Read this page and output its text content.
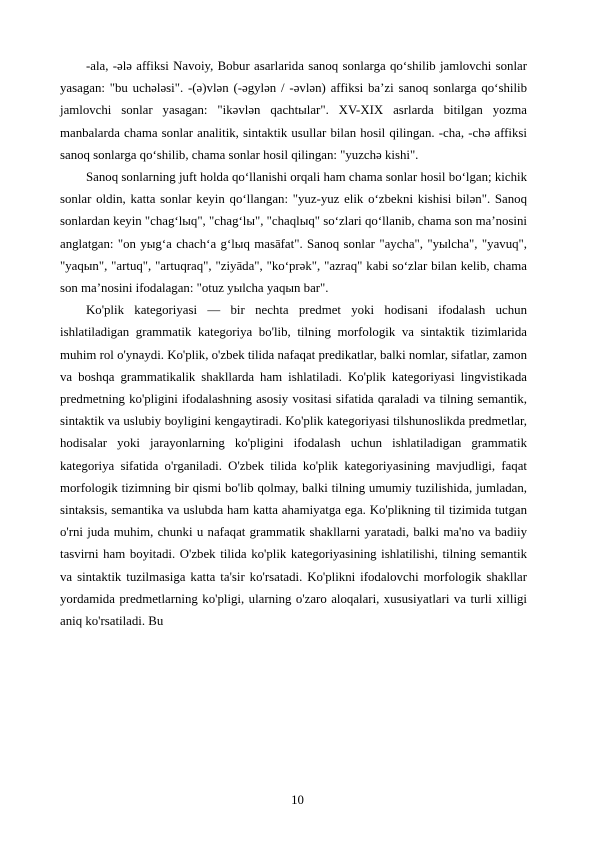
-ala, -ələ affiksi Navoiy, Bobur asarlarida sanoq sonlarga qo‘shilib jamlovchi sonlar yasagan: "bu uchələsi". -(ə)vlən (-əgylən / -əvlən) affiksi ba’zi sanoq sonlarga qo‘shilib jamlovchi sonlar yasagan: "ikəvlən qachtыlar". XV-XIX asrlarda bitilgan yozma manbalarda chama sonlar analitik, sintaktik usullar bilan hosil qilingan. -cha, -chə affiksi sanoq sonlarga qo‘shilib, chama sonlar hosil qilingan: "yuzchə kishi".

Sanoq sonlarning juft holda qo‘llanishi orqali ham chama sonlar hosil bo‘lgan; kichik sonlar oldin, katta sonlar keyin qo‘llangan: "yuz-yuz elik o‘zbekni kishisi bilən". Sanoq sonlardan keyin "chag‘lыq", "chag‘lы", "chaqlыq" so‘zlari qo‘llanib, chama son ma’nosini anglatgan: "on yыg‘a chach‘a g‘lыq masāfat". Sanoq sonlar "aycha", "yыlcha", "yavuq", "yaqыn", "artuq", "artuqraq", "ziyāda", "ko‘prək", "azraq" kabi so‘zlar bilan kelib, chama son ma’nosini ifodalagan: "otuz yыlcha yaqыn bar".

Ko'plik kategoriyasi — bir nechta predmet yoki hodisani ifodalash uchun ishlatiladigan grammatik kategoriya bo'lib, tilning morfologik va sintaktik tizimlarida muhim rol o'ynaydi. Ko'plik, o'zbek tilida nafaqat predikatlar, balki nomlar, sifatlar, zamon va boshqa grammatikalik shakllarda ham ishlatiladi. Ko'plik kategoriyasi lingvistikada predmetning ko'pligini ifodalashning asosiy vositasi sifatida qaraladi va tilning semantik, sintaktik va uslubiy boyligini kengaytiradi. Ko'plik kategoriyasi tilshunoslikda predmetlar, hodisalar yoki jarayonlarning ko'pligini ifodalash uchun ishlatiladigan grammatik kategoriya sifatida o'rganiladi. O'zbek tilida ko'plik kategoriyasining mavjudligi, faqat morfologik tizimning bir qismi bo'lib qolmay, balki tilning umumiy tuzilishida, jumladan, sintaksis, semantika va uslubda ham katta ahamiyatga ega. Ko'plikning til tizimida tutgan o'rni juda muhim, chunki u nafaqat grammatik shakllarni yaratadi, balki ma'no va badiiy tasvirni ham boyitadi. O'zbek tilida ko'plik kategoriyasining ishlatilishi, tilning semantik va sintaktik tuzilmasiga katta ta'sir ko'rsatadi. Ko'plikni ifodalovchi morfologik shakllar yordamida predmetlarning ko'pligi, ularning o'zaro aloqalari, xususiyatlari va turli xilligi aniq ko'rsatiladi. Bu

10
